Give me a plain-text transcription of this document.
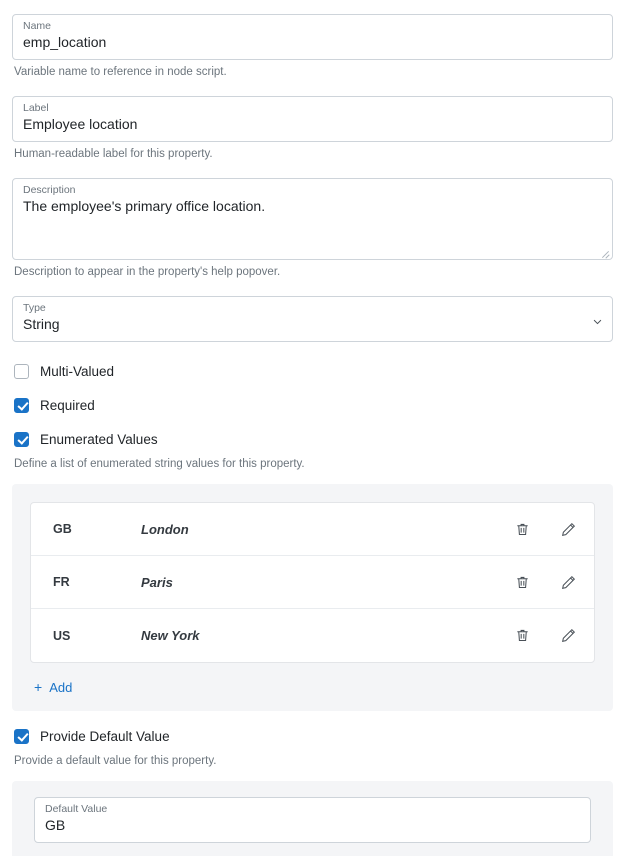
Name
emp_location
Variable name to reference in node script.
Label
Employee location
Human-readable label for this property.
Description
The employee's primary office location.
Description to appear in the property's help popover.
Type
String
Multi-Valued
Required
Enumerated Values
Define a list of enumerated string values for this property.
GB	London
FR	Paris
US	New York
+ Add
Provide Default Value
Provide a default value for this property.
Default Value
GB
